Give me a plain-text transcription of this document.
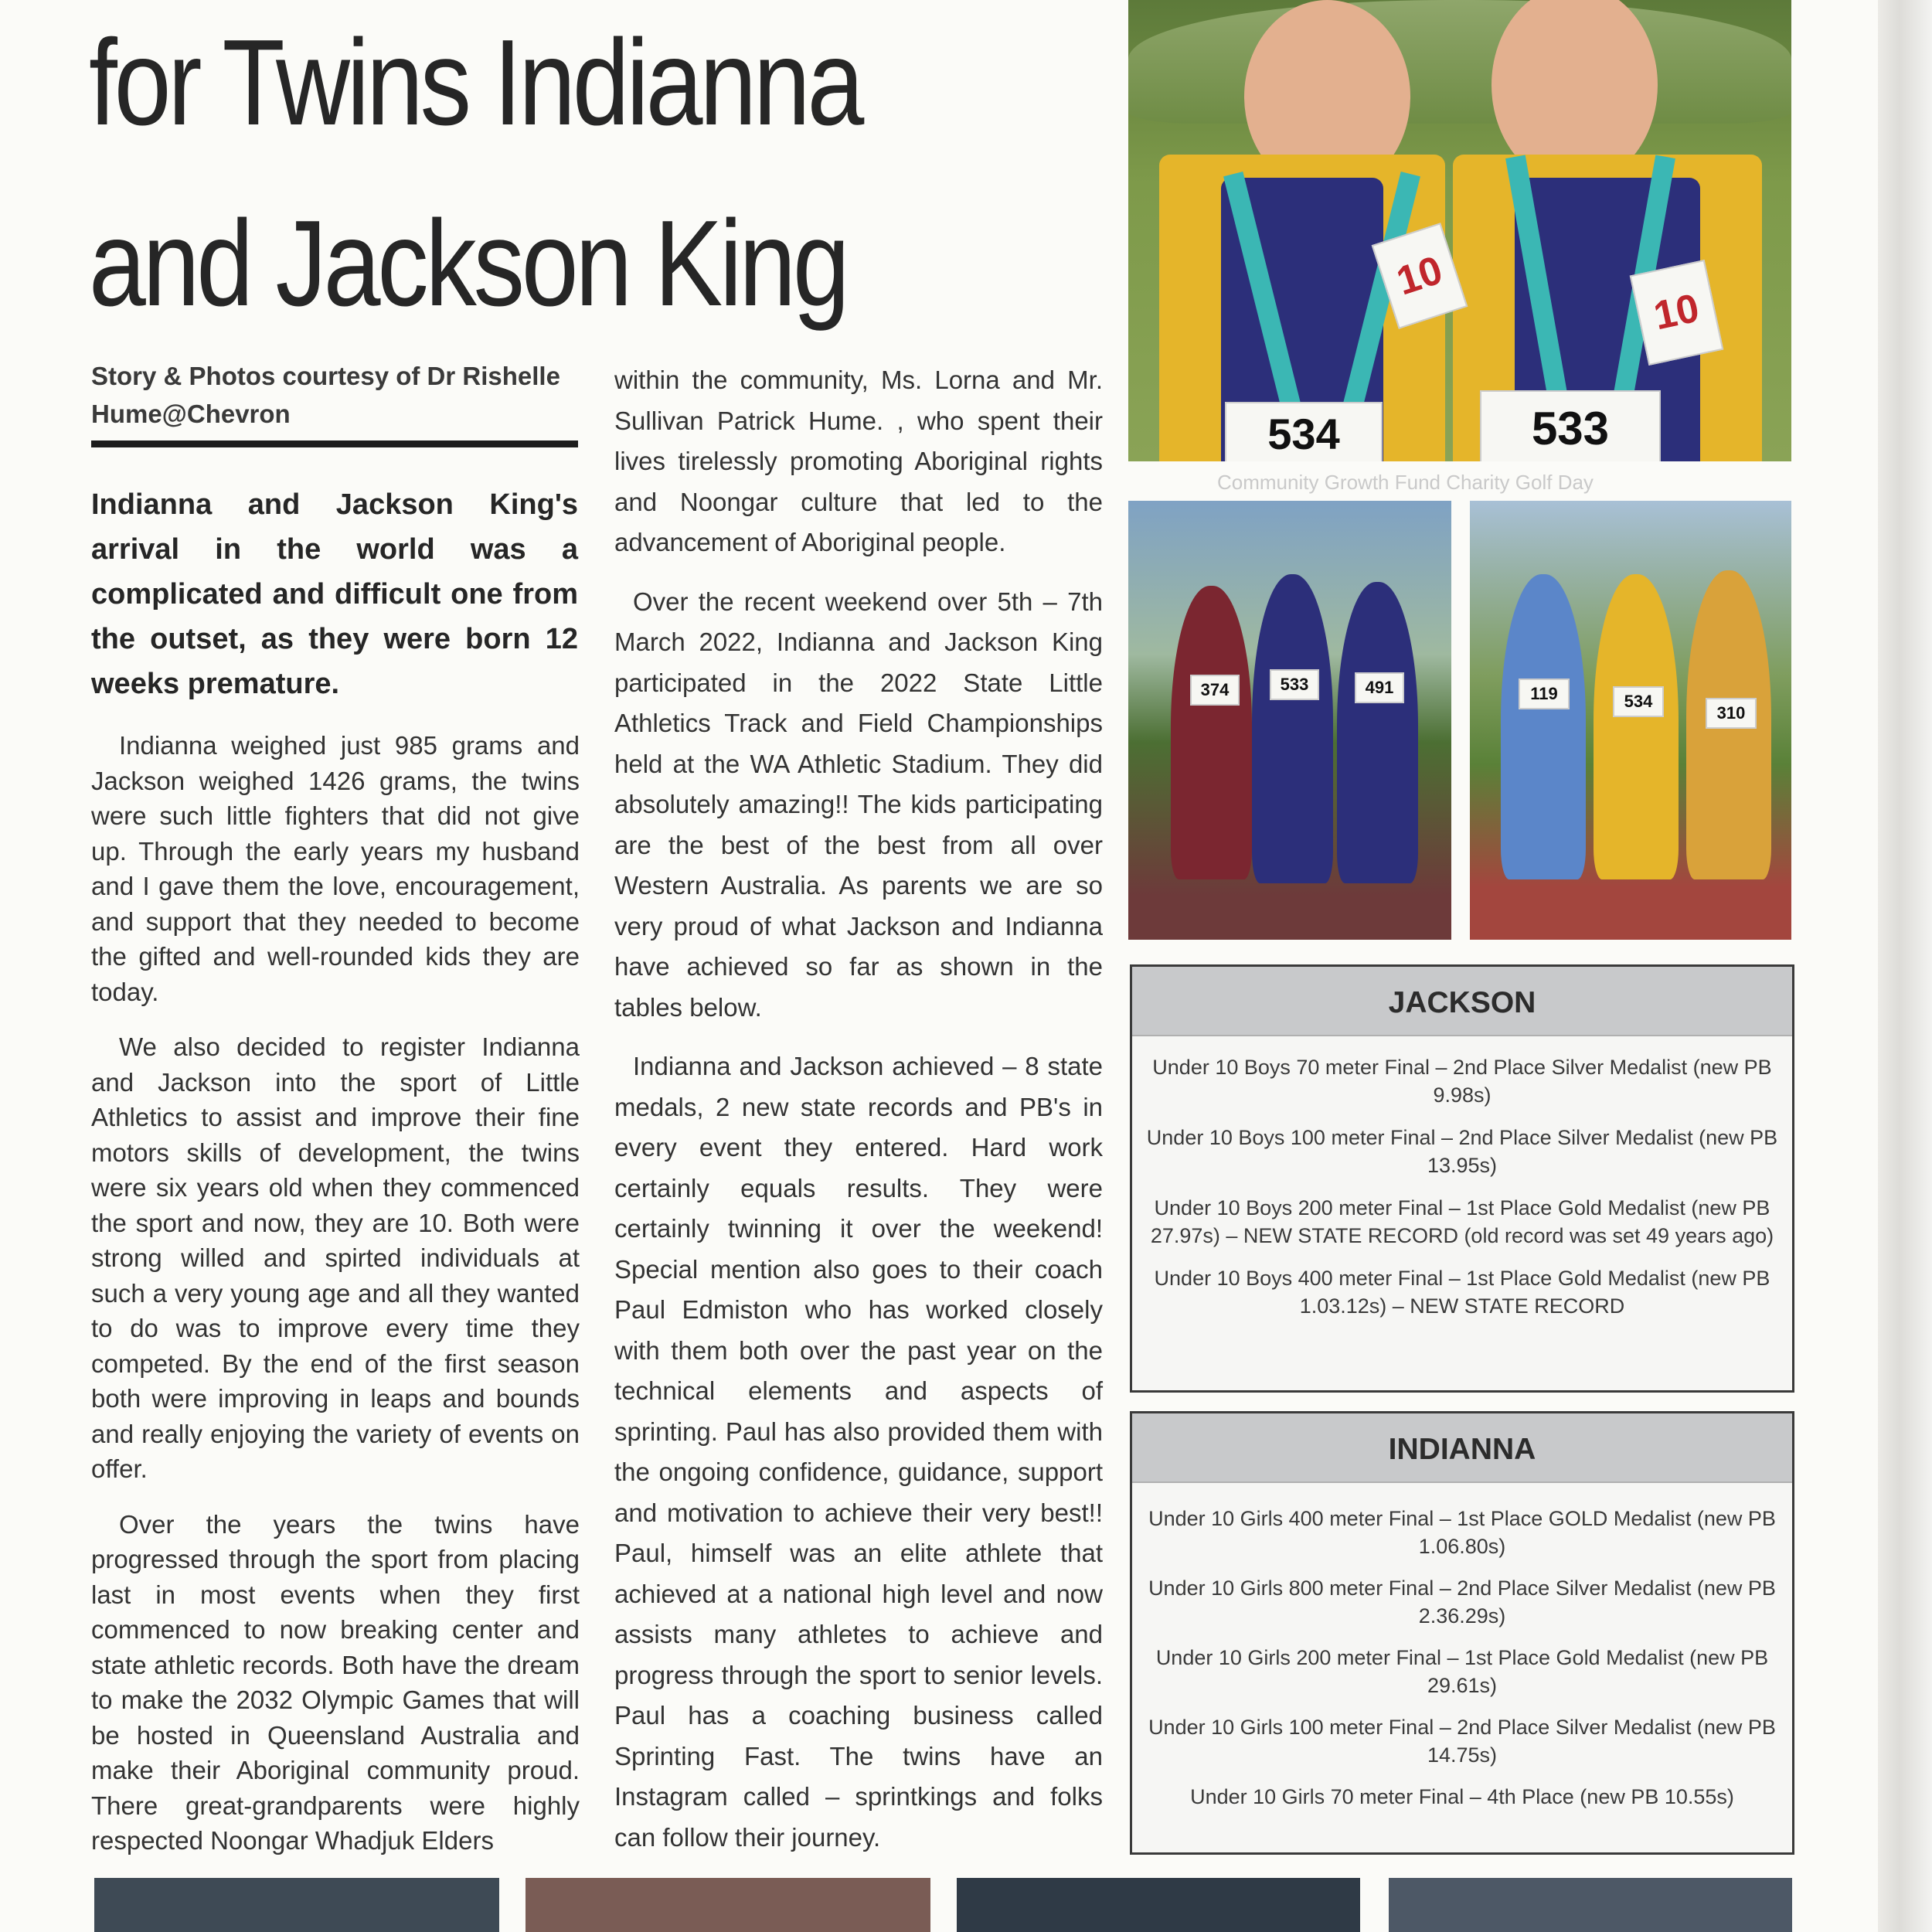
for Twins Indianna
and Jackson King
Story & Photos courtesy of Dr Rishelle Hume@Chevron
Indianna and Jackson King's arrival in the world was a complicated and difficult one from the outset, as they were born 12 weeks premature.

Indianna weighed just 985 grams and Jackson weighed 1426 grams, the twins were such little fighters that did not give up. Through the early years my husband and I gave them the love, encouragement, and support that they needed to become the gifted and well-rounded kids they are today.

We also decided to register Indianna and Jackson into the sport of Little Athletics to assist and improve their fine motors skills of development, the twins were six years old when they commenced the sport and now, they are 10. Both were strong willed and spirted individuals at such a very young age and all they wanted to do was to improve every time they competed. By the end of the first season both were improving in leaps and bounds and really enjoying the variety of events on offer.

Over the years the twins have progressed through the sport from placing last in most events when they first commenced to now breaking center and state athletic records. Both have the dream to make the 2032 Olympic Games that will be hosted in Queensland Australia and make their Aboriginal community proud. There great-grandparents were highly respected Noongar Whadjuk Elders

within the community, Ms. Lorna and Mr. Sullivan Patrick Hume. , who spent their lives tirelessly promoting Aboriginal rights and Noongar culture that led to the advancement of Aboriginal people.

Over the recent weekend over 5th – 7th March 2022, Indianna and Jackson King participated in the 2022 State Little Athletics Track and Field Championships held at the WA Athletic Stadium. They did absolutely amazing!! The kids participating are the best of the best from all over Western Australia. As parents we are so very proud of what Jackson and Indianna have achieved so far as shown in the tables below.

Indianna and Jackson achieved – 8 state medals, 2 new state records and PB's in every event they entered. Hard work certainly equals results. They were certainly twinning it over the weekend! Special mention also goes to their coach Paul Edmiston who has worked closely with them both over the past year on the technical elements and aspects of sprinting. Paul has also provided them with the ongoing confidence, guidance, support and motivation to achieve their very best!! Paul, himself was an elite athlete that achieved at a national high level and now assists many athletes to achieve and progress through the sport to senior levels. Paul has a coaching business called Sprinting Fast. The twins have an Instagram called – sprintkings and folks can follow their journey.

10
10
534	533
374	533	491	119	534
310
Community Growth Fund Charity Golf Day
JACKSON
Under 10 Boys 70 meter Final – 2nd Place Silver Medalist (new PB 9.98s)
Under 10 Boys 100 meter Final – 2nd Place Silver Medalist (new PB 13.95s)
Under 10 Boys 200 meter Final – 1st Place Gold Medalist (new PB 27.97s) – NEW STATE RECORD (old record was set 49 years ago)
Under 10 Boys 400 meter Final – 1st Place Gold Medalist (new PB 1.03.12s) – NEW STATE RECORD
INDIANNA
Under 10 Girls 400 meter Final – 1st Place GOLD Medalist (new PB 1.06.80s)
Under 10 Girls 800 meter Final – 2nd Place Silver Medalist (new PB 2.36.29s)
Under 10 Girls 200 meter Final – 1st Place Gold Medalist (new PB 29.61s)
Under 10 Girls 100 meter Final – 2nd Place Silver Medalist (new PB 14.75s)
Under 10 Girls 70 meter Final – 4th Place (new PB 10.55s)
